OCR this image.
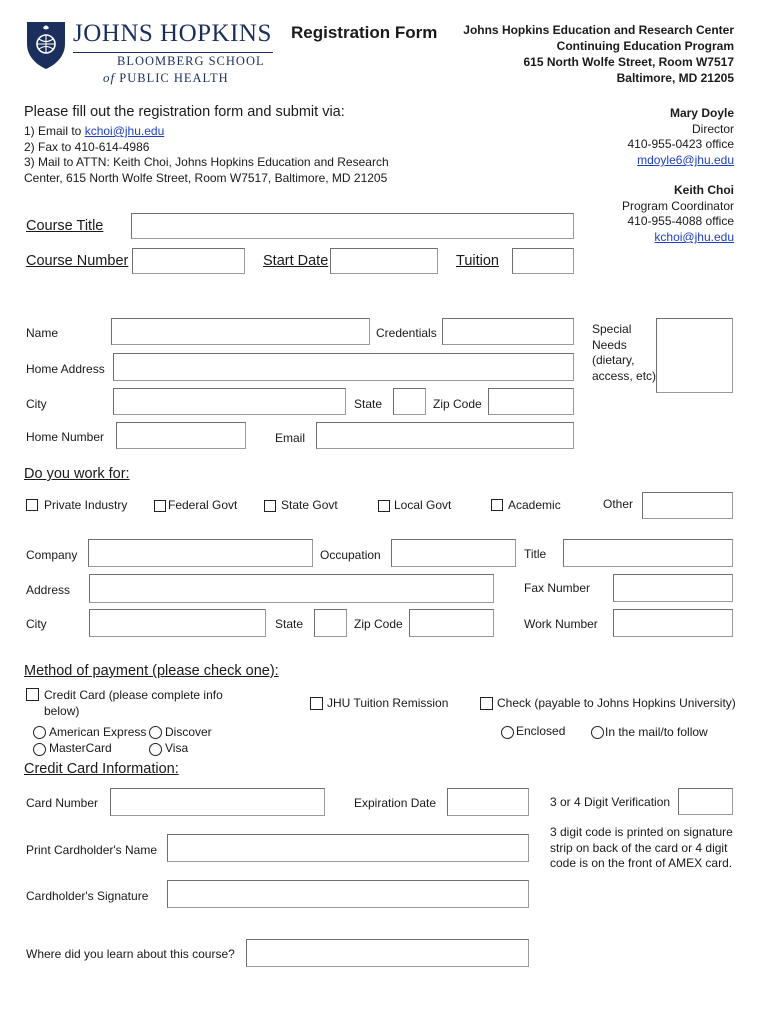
JOHNS HOPKINS
BLOOMBERG SCHOOL
of PUBLIC HEALTH
Registration Form Johns Hopkins Education and Research Center
Continuing Education Program
615 North Wolfe Street, Room W7517
Baltimore, MD 21205
Mary Doyle
Director
410-955-0423 office
mdoyle6@jhu.edu
Keith Choi
Program Coordinator
410-955-4088 office
kchoi@jhu.edu
Please fill out the registration form and submit via:
1) Email to kchoi@jhu.edu
2) Fax to 410-614-4986
3) Mail to ATTN: Keith Choi, Johns Hopkins Education and Research
Center, 615 North Wolfe Street, Room W7517, Baltimore, MD 21205
Course Title
Course Number	Start Date	Tuition
Name	Credentials	Special
Needs
(dietary,
access, etc)
Home Address
City	State	Zip Code
Home Number	Email
Do you work for:
Private Industry	Federal Govt	State Govt	Local Govt	Academic	Other
Company	Occupation	Title
Address	Fax Number
City	State	Zip Code	Work Number
Method of payment (please check one):
Credit Card (please complete info
below)
JHU Tuition Remission	Check (payable to Johns Hopkins University)
American Express Discover
MasterCard	Visa
Enclosed	In the mail/to follow
Credit Card Information:
Card Number	Expiration Date	3 or 4 Digit Verification
3 digit code is printed on signature
strip on back of the card or 4 digit
code is on the front of AMEX card.
Print Cardholder's Name
Cardholder's Signature
Where did you learn about this course?
